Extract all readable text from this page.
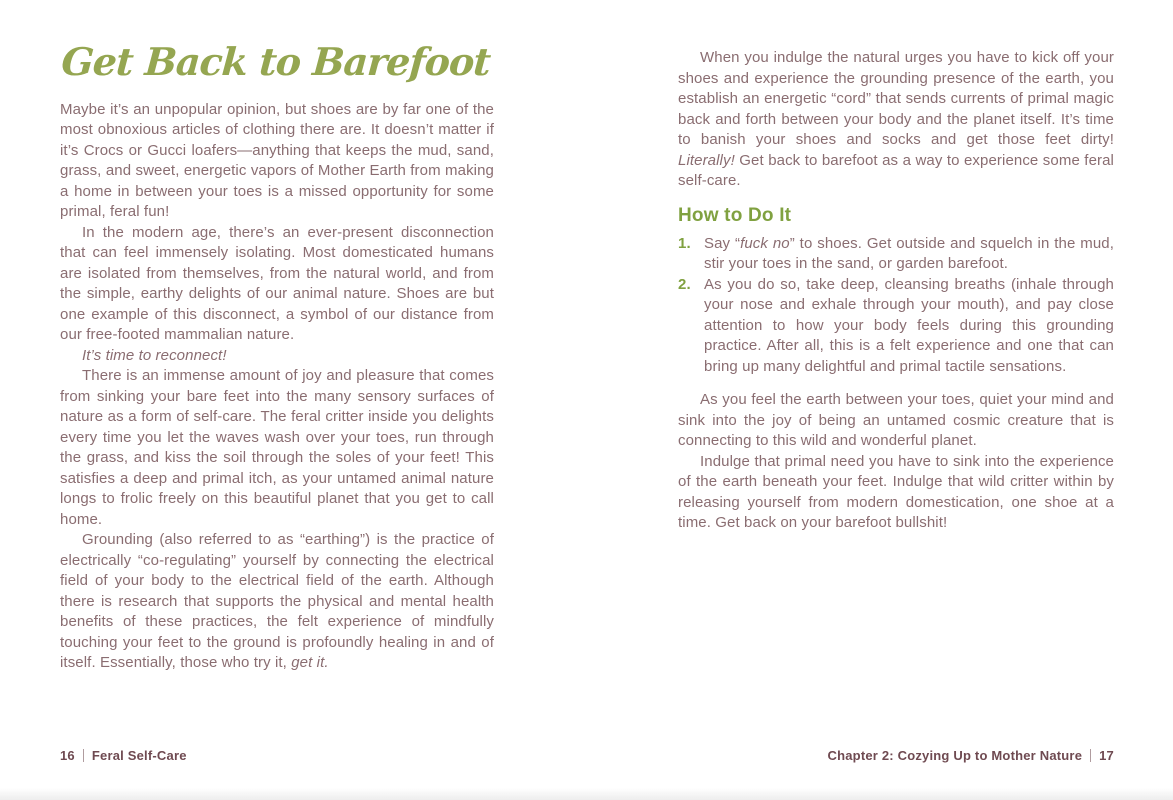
Get Back to Barefoot

Maybe it’s an unpopular opinion, but shoes are by far one of the most obnoxious articles of clothing there are. It doesn’t matter if it’s Crocs or Gucci loafers—anything that keeps the mud, sand, grass, and sweet, energetic vapors of Mother Earth from making a home in between your toes is a missed opportunity for some primal, feral fun!

In the modern age, there’s an ever-present disconnection that can feel immensely isolating. Most domesticated humans are isolated from themselves, from the natural world, and from the simple, earthy delights of our animal nature. Shoes are but one example of this disconnect, a symbol of our distance from our free-footed mammalian nature.

It’s time to reconnect!

There is an immense amount of joy and pleasure that comes from sinking your bare feet into the many sensory surfaces of nature as a form of self-care. The feral critter inside you delights every time you let the waves wash over your toes, run through the grass, and kiss the soil through the soles of your feet! This satisfies a deep and primal itch, as your untamed animal nature longs to frolic freely on this beautiful planet that you get to call home.

Grounding (also referred to as “earthing”) is the practice of electrically “co-regulating” yourself by connecting the electrical field of your body to the electrical field of the earth. Although there is research that supports the physical and mental health benefits of these practices, the felt experience of mindfully touching your feet to the ground is profoundly healing in and of itself. Essentially, those who try it, get it.

When you indulge the natural urges you have to kick off your shoes and experience the grounding presence of the earth, you establish an energetic “cord” that sends currents of primal magic back and forth between your body and the planet itself. It’s time to banish your shoes and socks and get those feet dirty! Literally! Get back to barefoot as a way to experience some feral self-care.

How to Do It
1. Say “fuck no” to shoes. Get outside and squelch in the mud, stir your toes in the sand, or garden barefoot.
2. As you do so, take deep, cleansing breaths (inhale through your nose and exhale through your mouth), and pay close attention to how your body feels during this grounding practice. After all, this is a felt experience and one that can bring up many delightful and primal tactile sensations.

As you feel the earth between your toes, quiet your mind and sink into the joy of being an untamed cosmic creature that is connecting to this wild and wonderful planet.

Indulge that primal need you have to sink into the experience of the earth beneath your feet. Indulge that wild critter within by releasing yourself from modern domestication, one shoe at a time. Get back on your barefoot bullshit!

16 Feral Self-Care	Chapter 2: Cozying Up to Mother Nature 17
